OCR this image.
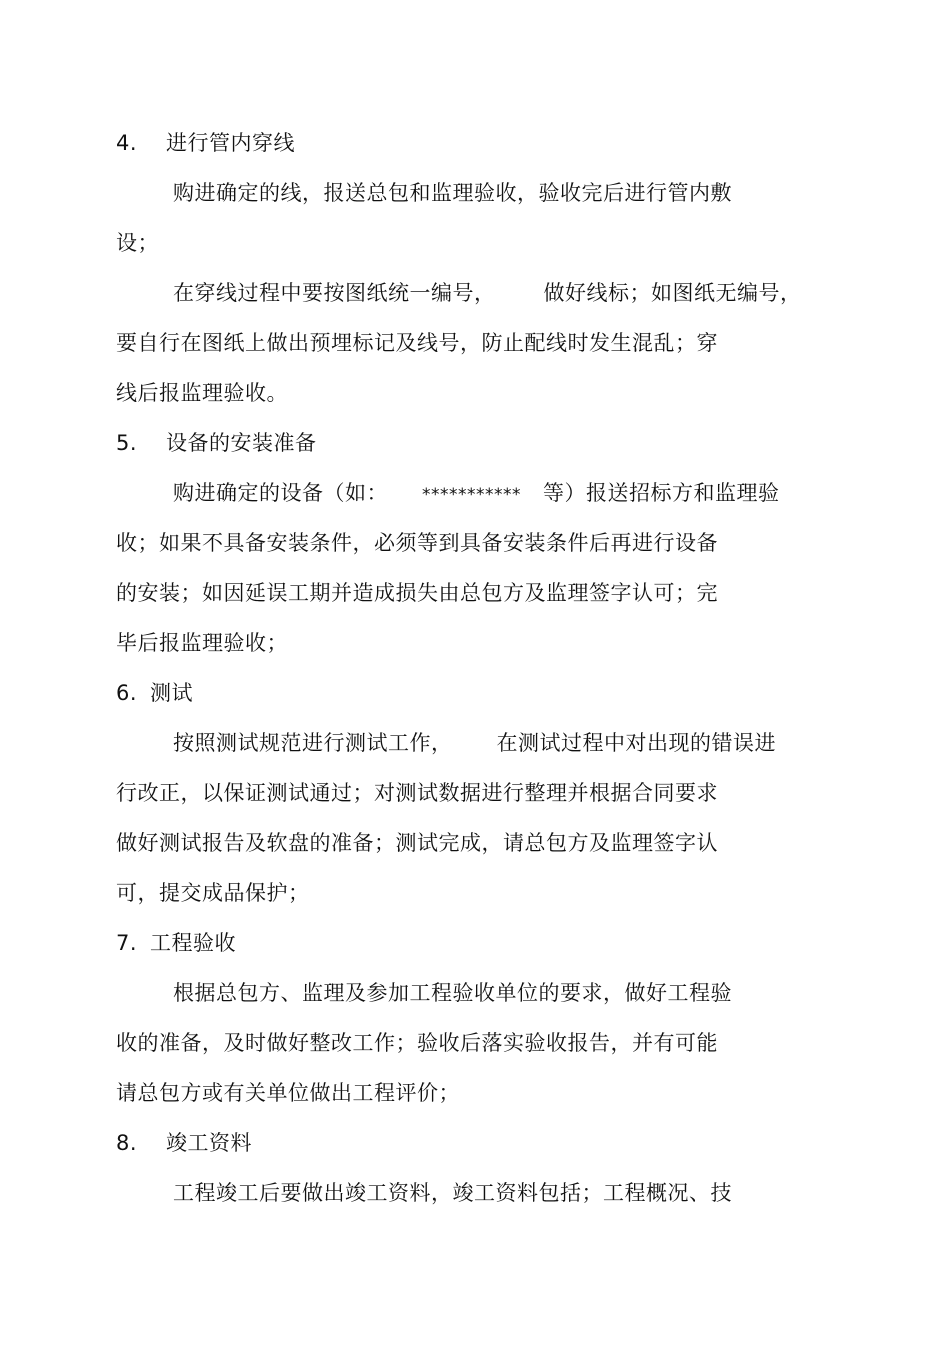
4. 进行管内穿线
购进确定的线，报送总包和监理验收，验收完后进行管内敷
设；
在穿线过程中要按图纸统一编号， 做好线标；如图纸无编号，
要自行在图纸上做出预埋标记及线号，防止配线时发生混乱；穿
线后报监理验收。
5. 设备的安装准备
购进确定的设备（如： *********** 等）报送招标方和监理验
收；如果不具备安装条件，必须等到具备安装条件后再进行设备
的安装；如因延误工期并造成损失由总包方及监理签字认可；完
毕后报监理验收；
6. 测试
按照测试规范进行测试工作， 在测试过程中对出现的错误进
行改正，以保证测试通过；对测试数据进行整理并根据合同要求
做好测试报告及软盘的准备；测试完成，请总包方及监理签字认
可，提交成品保护；
7. 工程验收
根据总包方、监理及参加工程验收单位的要求，做好工程验
收的准备，及时做好整改工作；验收后落实验收报告，并有可能
请总包方或有关单位做出工程评价；
8. 竣工资料
工程竣工后要做出竣工资料，竣工资料包括；工程概况、技
